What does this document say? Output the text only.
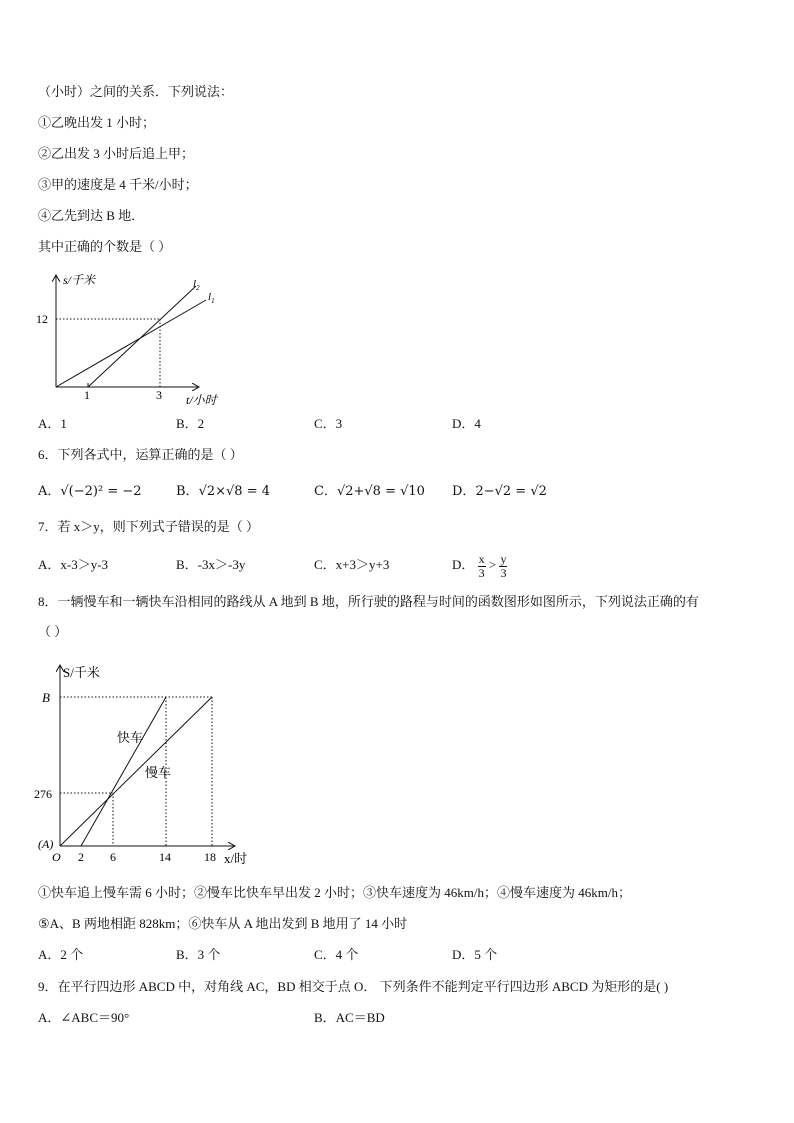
（小时）之间的关系．下列说法：
①乙晚出发 1 小时；
②乙出发 3 小时后追上甲；
③甲的速度是 4 千米/小时；
④乙先到达 B 地．
其中正确的个数是（ ）
s/千米
t/小时
$l_2$
$l_1$
12
1	3
A．1	B．2	C．3	D．4
6．下列各式中，运算正确的是（ ）
A．√(−2)² = −2	B．√2×√8 = 4	C．√2+√8 = √10 D．2−√2 = √2
7．若 x＞y，则下列式子错误的是（ ）
A．x-3＞y-3	B．-3x＞-3y	C．x+3＞y+3	D． $\frac{x}{3} > \frac{y}{3}$
8．一辆慢车和一辆快车沿相同的路线从 A 地到 B 地，所行驶的路程与时间的函数图形如图所示，下列说法正确的有
（ ）
S/千米
x/时
快车
慢车
B
276
(A)
O 2 6	14	18
①快车追上慢车需 6 小时；②慢车比快车早出发 2 小时；③快车速度为 46km/h；④慢车速度为 46km/h；
⑤A、B 两地相距 828km；⑥快车从 A 地出发到 B 地用了 14 小时
A．2 个	B．3 个	C．4 个	D．5 个
9．在平行四边形 ABCD 中，对角线 AC，BD 相交于点 O． 下列条件不能判定平行四边形 ABCD 为矩形的是( )
A．∠ABC＝90°	B．AC＝BD
